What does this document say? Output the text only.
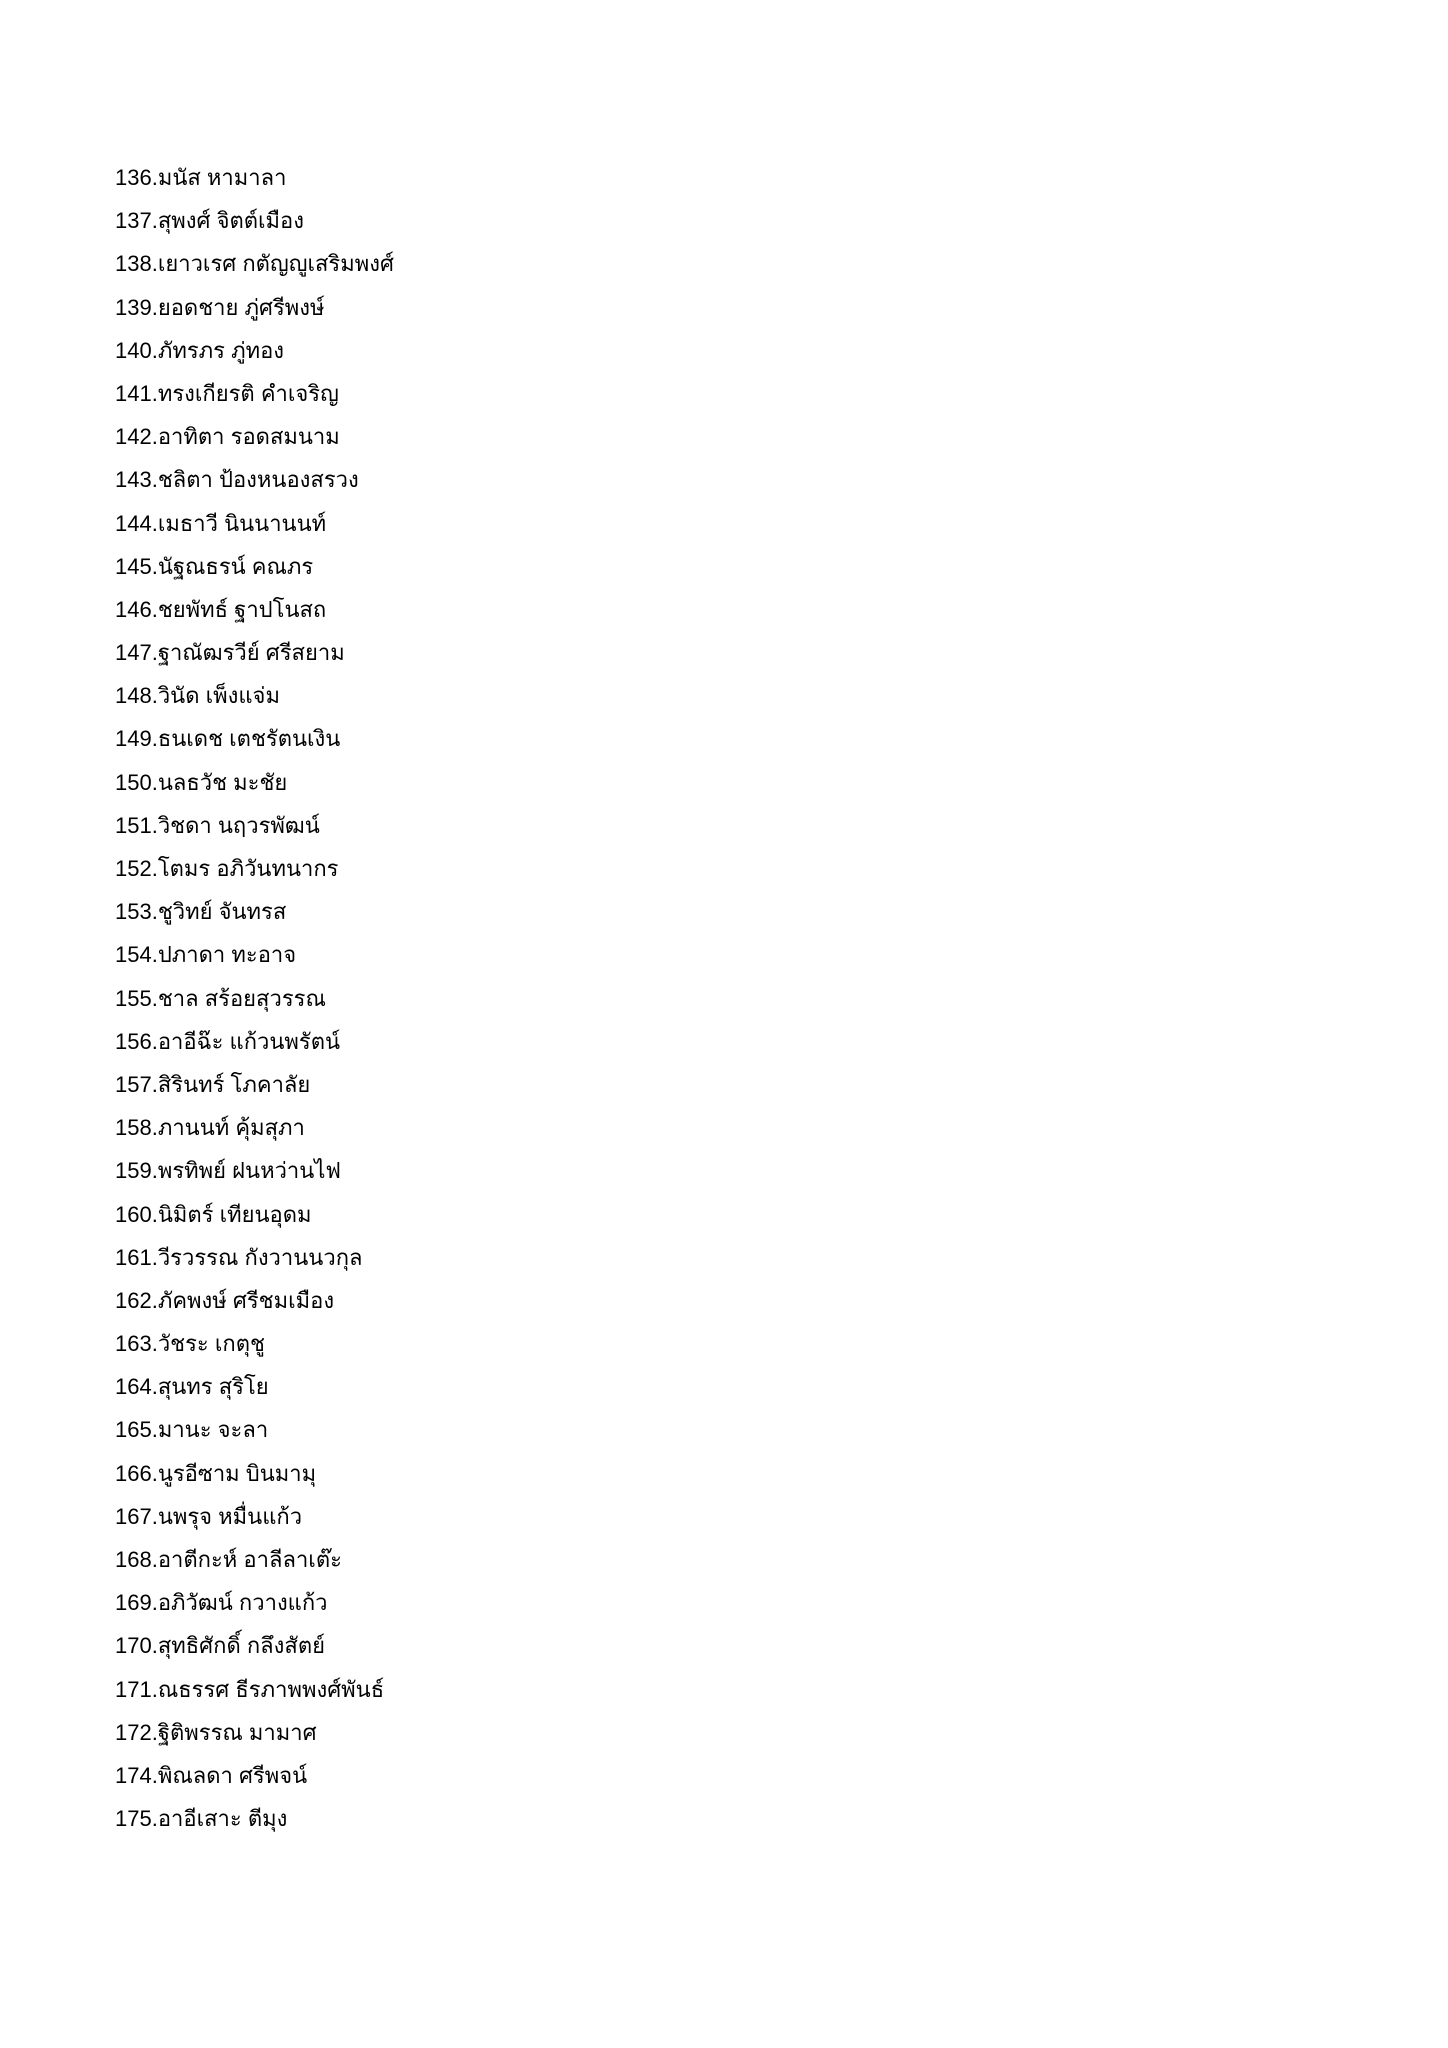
136.มนัส หามาลา
137.สุพงศ์ จิตต์เมือง
138.เยาวเรศ กตัญญูเสริมพงศ์
139.ยอดชาย ภู่ศรีพงษ์
140.ภัทรภร ภู่ทอง
141.ทรงเกียรติ คำเจริญ
142.อาทิตา รอดสมนาม
143.ชลิตา ป้องหนองสรวง
144.เมธาวี นินนานนท์
145.นัฐณธรน์ คณภร
146.ชยพัทธ์ ฐาปโนสถ
147.ฐาณัฒรวีย์ ศรีสยาม
148.วินัด เพ็งแจ่ม
149.ธนเดช เตชรัตนเงิน
150.นลธวัช มะชัย
151.วิชดา นฤวรพัฒน์
152.โตมร อภิวันทนากร
153.ชูวิทย์ จันทรส
154.ปภาดา ทะอาจ
155.ชาล สร้อยสุวรรณ
156.อาอีฉ๊ะ แก้วนพรัตน์
157.สิรินทร์ โภคาลัย
158.ภานนท์ คุ้มสุภา
159.พรทิพย์ ฝนหว่านไฟ
160.นิมิตร์ เทียนอุดม
161.วีรวรรณ กังวานนวกุล
162.ภัคพงษ์ ศรีชมเมือง
163.วัชระ เกตุชู
164.สุนทร สุริโย
165.มานะ จะลา
166.นูรอีซาม บินมามุ
167.นพรุจ หมื่นแก้ว
168.อาตีกะห์ อาลีลาเต๊ะ
169.อภิวัฒน์ กวางแก้ว
170.สุทธิศักดิ์ กลึงสัตย์
171.ณธรรศ ธีรภาพพงศ์พันธ์
172.ฐิติพรรณ มามาศ
174.พิณลดา ศรีพจน์
175.อาอีเสาะ ตีมุง
